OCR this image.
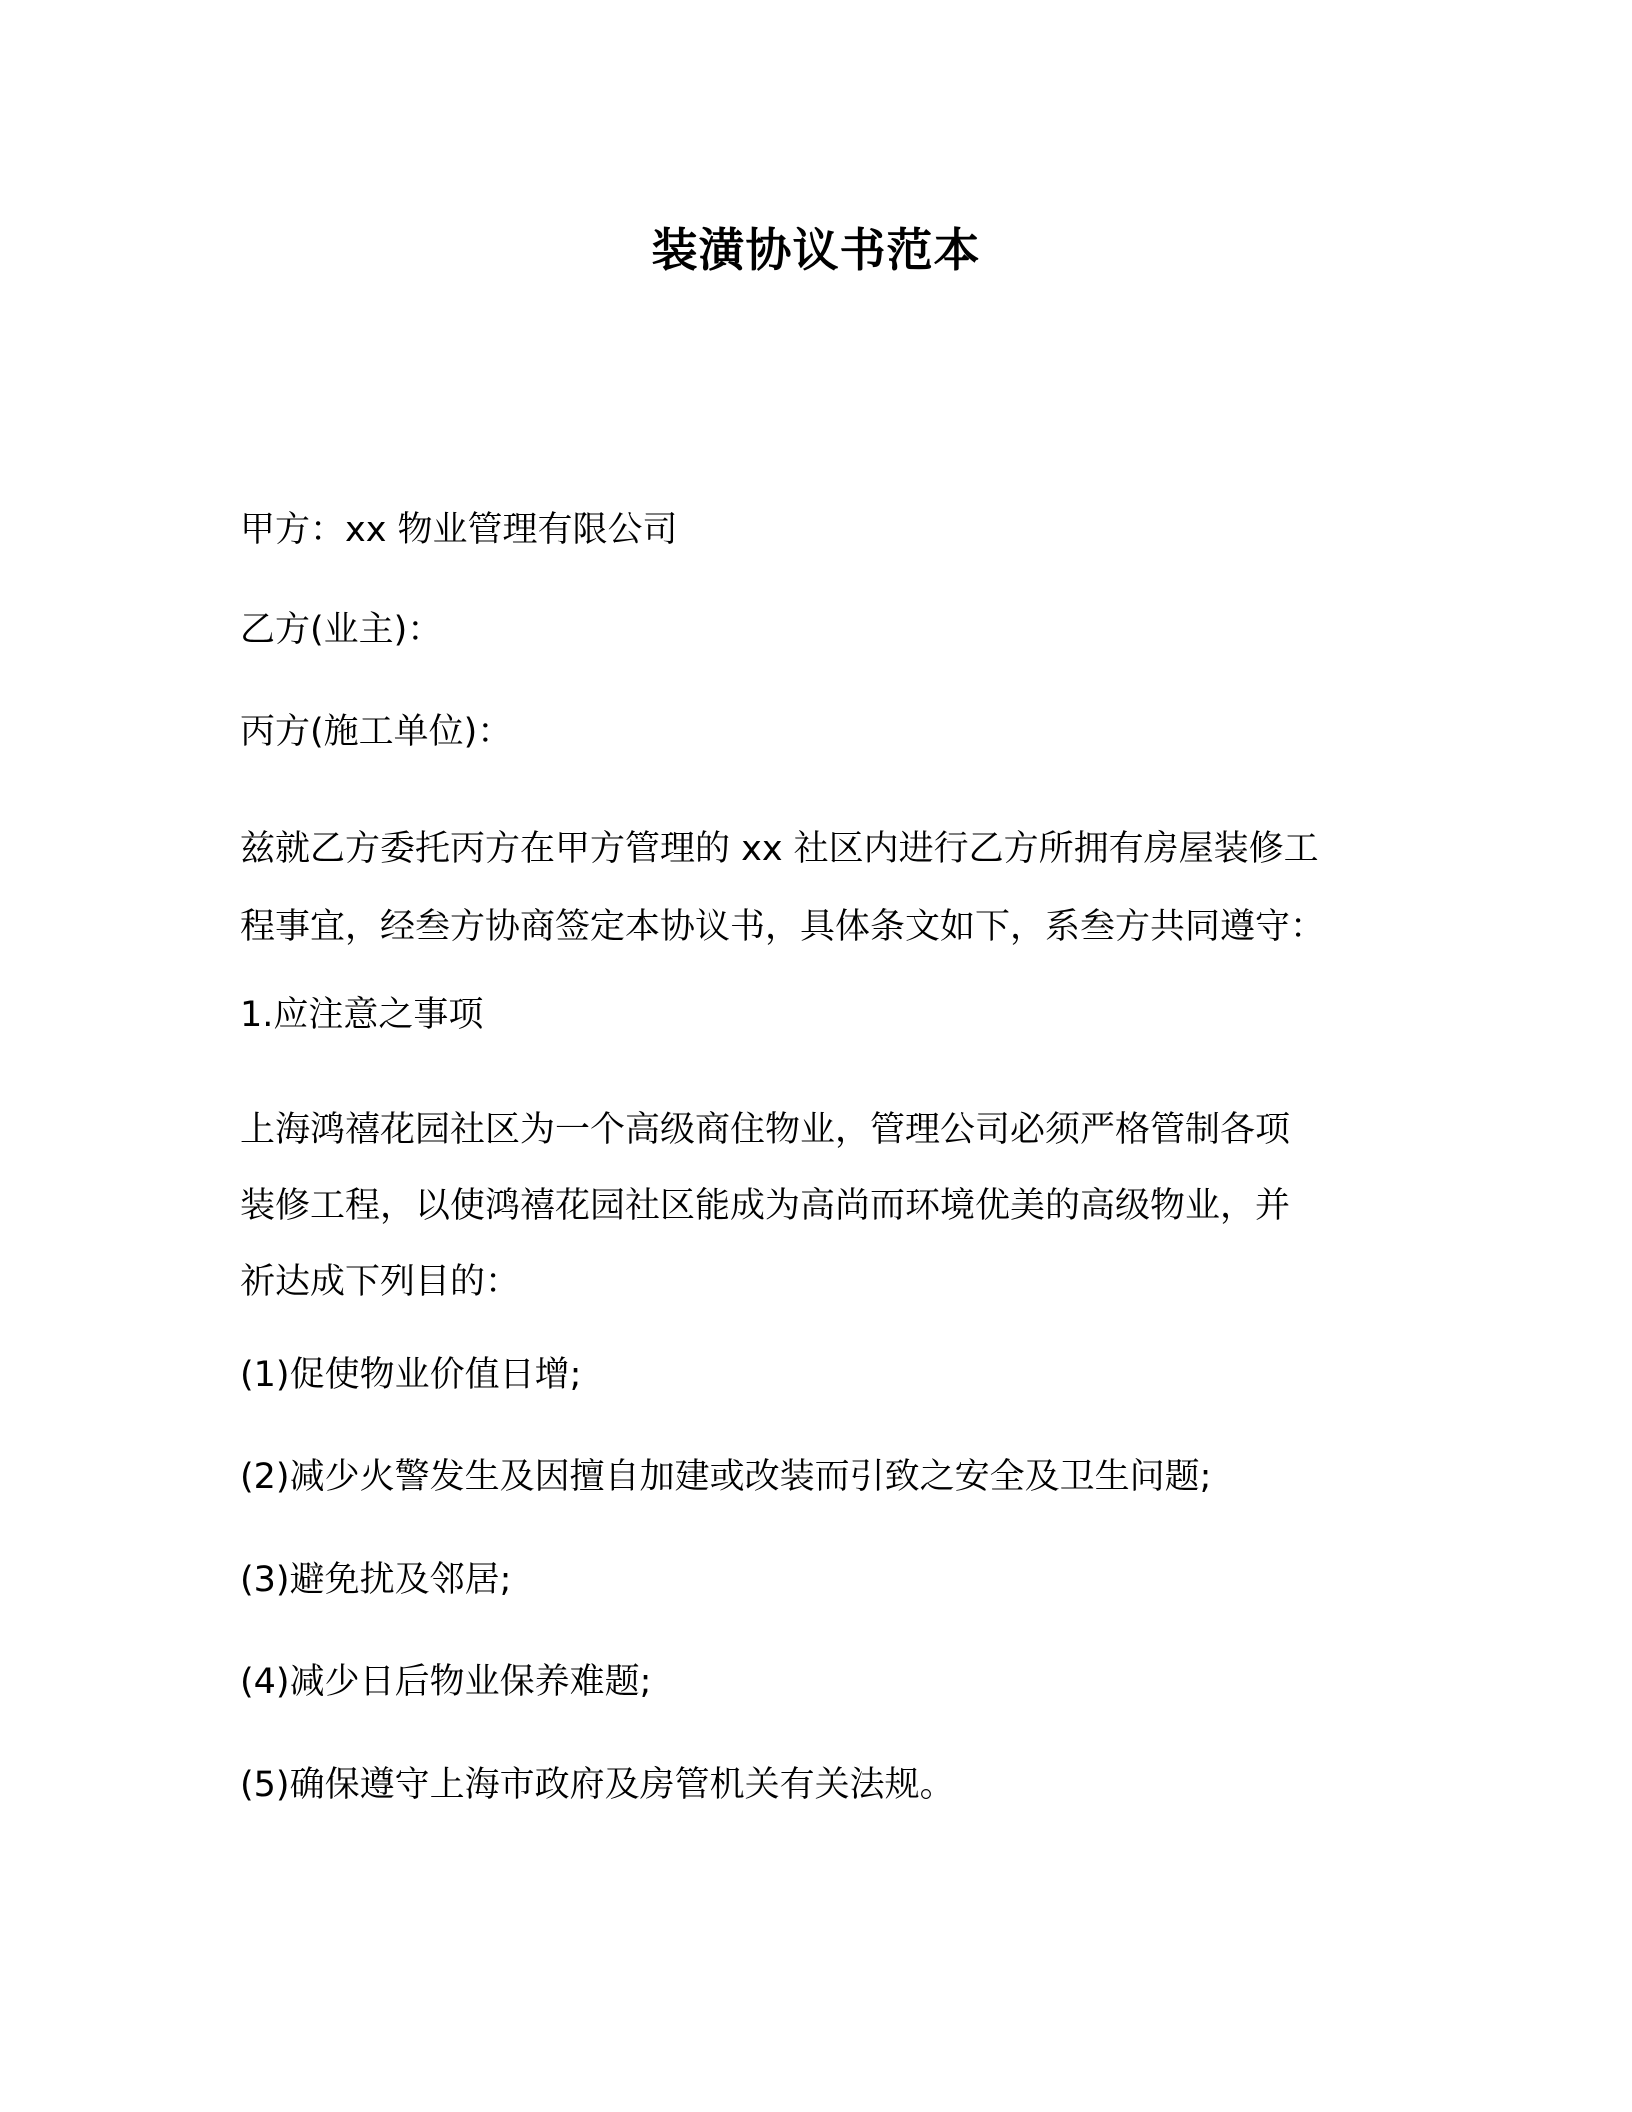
装潢协议书范本

甲方：xx 物业管理有限公司

乙方(业主)：

丙方(施工单位)：

兹就乙方委托丙方在甲方管理的 xx 社区内进行乙方所拥有房屋装修工
程事宜，经叁方协商签定本协议书，具体条文如下，系叁方共同遵守：

1.应注意之事项

上海鸿禧花园社区为一个高级商住物业，管理公司必须严格管制各项
装修工程，以使鸿禧花园社区能成为高尚而环境优美的高级物业，并
祈达成下列目的：

(1)促使物业价值日增;

(2)减少火警发生及因擅自加建或改装而引致之安全及卫生问题;

(3)避免扰及邻居;

(4)减少日后物业保养难题;

(5)确保遵守上海市政府及房管机关有关法规。
